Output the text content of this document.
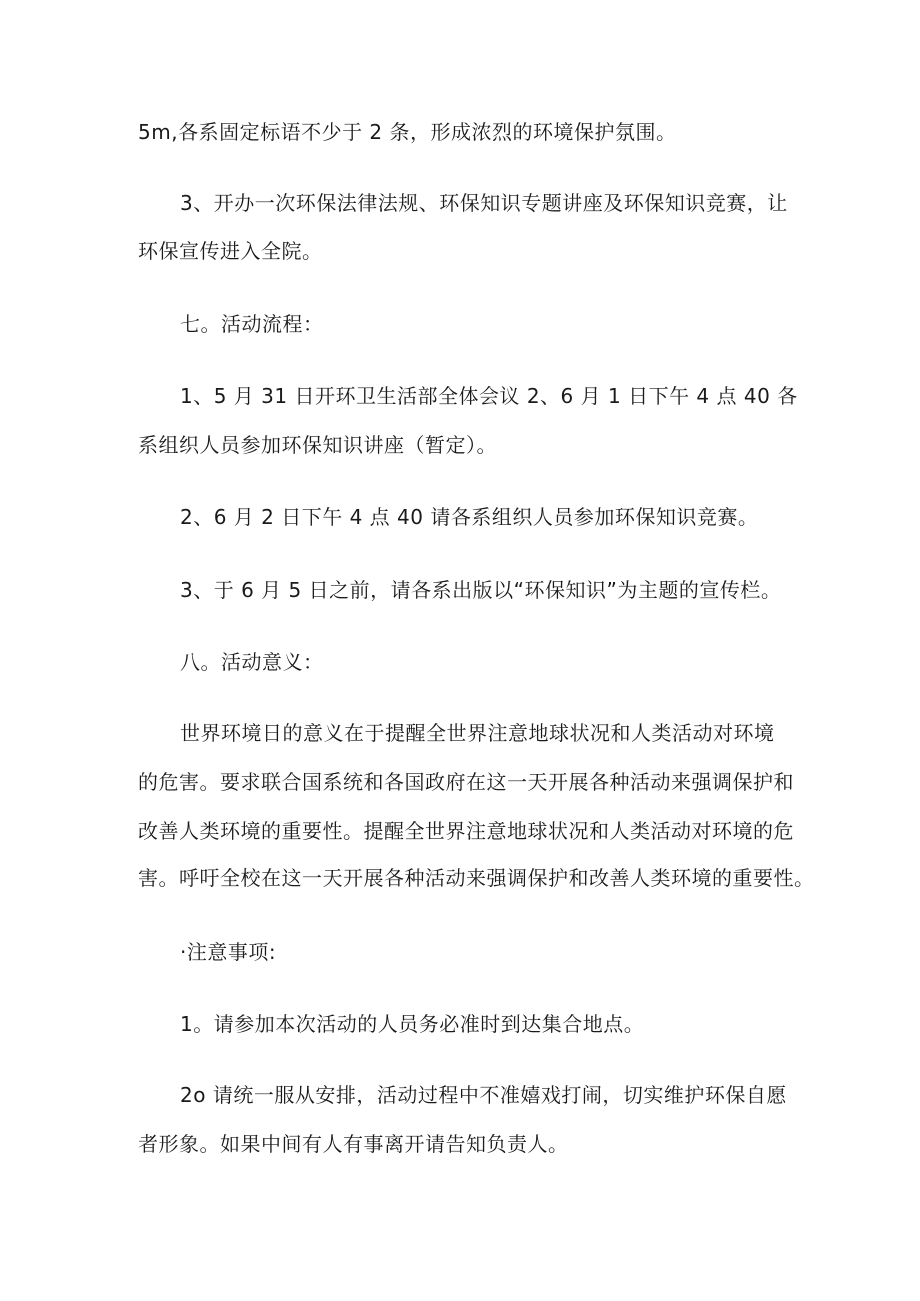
5m,各系固定标语不少于 2 条，形成浓烈的环境保护氛围。
3、开办一次环保法律法规、环保知识专题讲座及环保知识竞赛，让
环保宣传进入全院。
七。活动流程：
1、5 月 31 日开环卫生活部全体会议 2、6 月 1 日下午 4 点 40 各
系组织人员参加环保知识讲座（暂定）。
2、6 月 2 日下午 4 点 40 请各系组织人员参加环保知识竞赛。
3、于 6 月 5 日之前，请各系出版以“环保知识”为主题的宣传栏。
八。活动意义：
世界环境日的意义在于提醒全世界注意地球状况和人类活动对环境
的危害。要求联合国系统和各国政府在这一天开展各种活动来强调保护和
改善人类环境的重要性。提醒全世界注意地球状况和人类活动对环境的危
害。呼吁全校在这一天开展各种活动来强调保护和改善人类环境的重要性。
·注意事项:
1。请参加本次活动的人员务必准时到达集合地点。
2o 请统一服从安排，活动过程中不准嬉戏打闹，切实维护环保自愿
者形象。如果中间有人有事离开请告知负责人。
